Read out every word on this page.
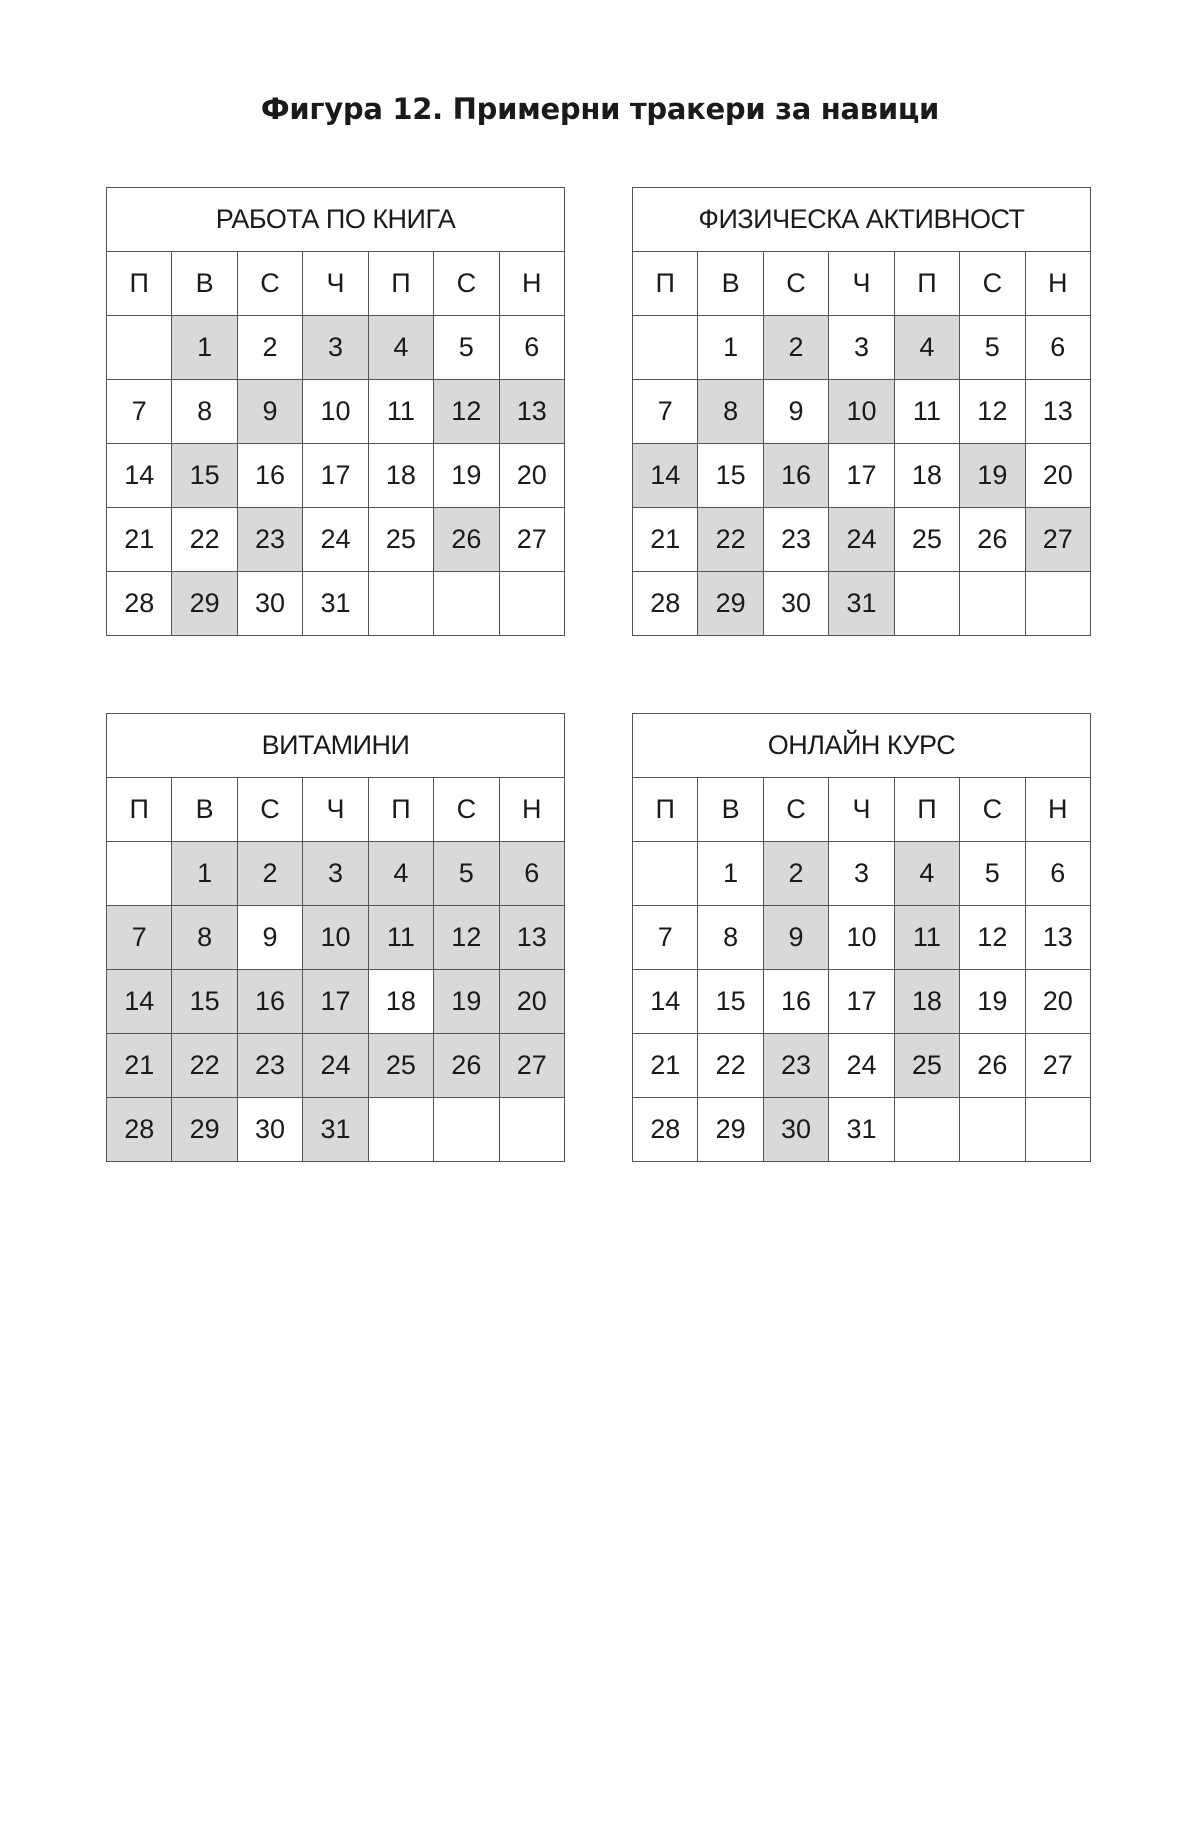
Фигура 12. Примерни тракери за навици
РАБОТА ПО КНИГА						
П	В	С	Ч	П	С	Н
	1	2	3	4	5	6
7	8	9	10	11	12	13
14	15	16	17	18	19	20
21	22	23	24	25	26	27
28	29	30	31			
ФИЗИЧЕСКА АКТИВНОСТ						
П	В	С	Ч	П	С	Н
	1	2	3	4	5	6
7	8	9	10	11	12	13
14	15	16	17	18	19	20
21	22	23	24	25	26	27
28	29	30	31			
ВИТАМИНИ						
П	В	С	Ч	П	С	Н
	1	2	3	4	5	6
7	8	9	10	11	12	13
14	15	16	17	18	19	20
21	22	23	24	25	26	27
28	29	30	31			
ОНЛАЙН КУРС						
П	В	С	Ч	П	С	Н
	1	2	3	4	5	6
7	8	9	10	11	12	13
14	15	16	17	18	19	20
21	22	23	24	25	26	27
28	29	30	31			
